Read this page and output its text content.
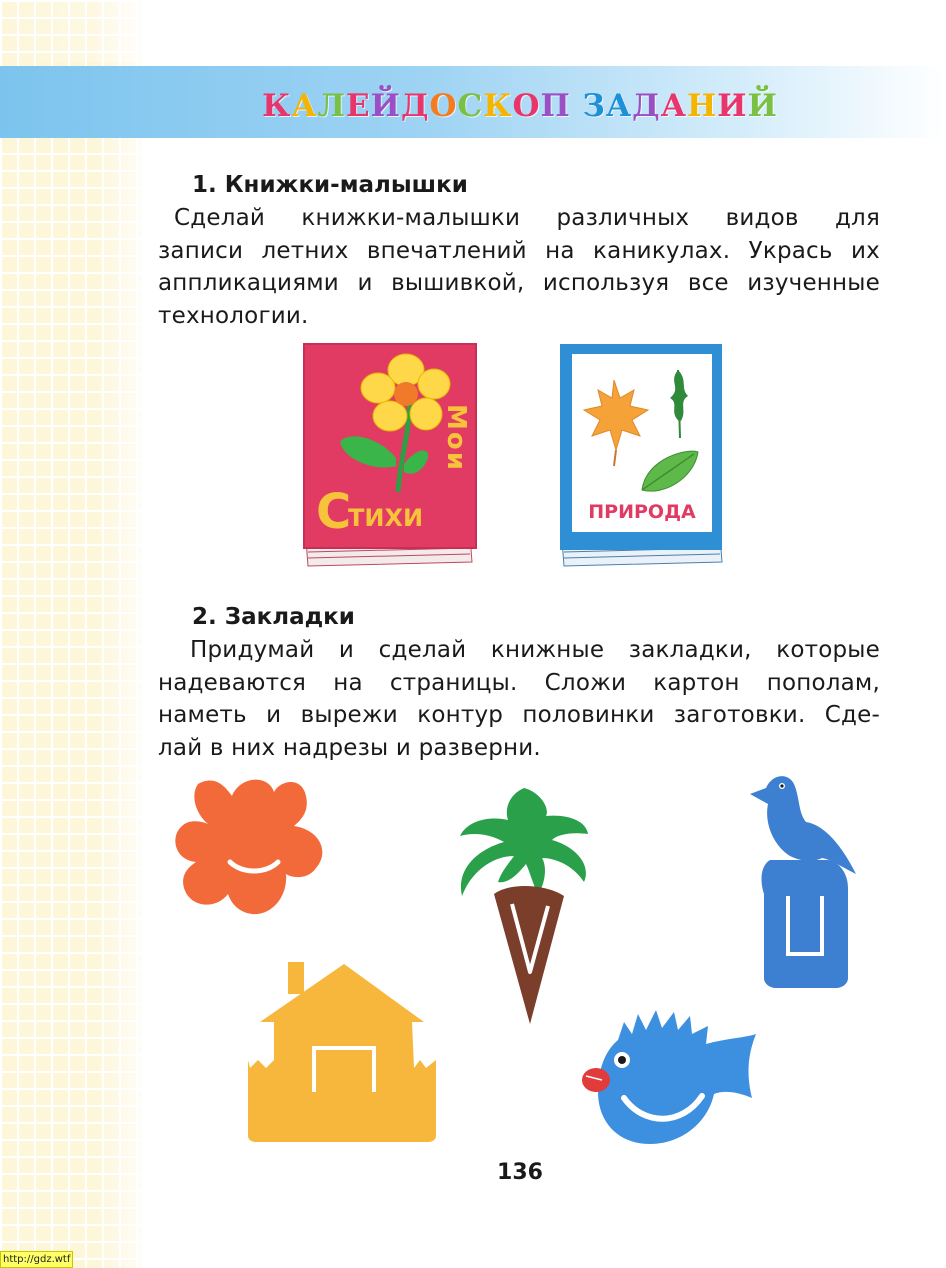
КАЛЕЙДОСКОП ЗАДАНИЙ
1. Книжки-малышки

Сделай книжки-малышки различных видов для
записи летних впечатлений на каникулах. Укрась их
аппликациями и вышивкой, используя все изученные
технологии.

С
ТИХИ
Мои
ПРИРОДА
2. Закладки

Придумай и сделай книжные закладки, которые
надеваются на страницы. Сложи картон пополам,
наметь и вырежи контур половинки заготовки. Сде-
лай в них надрезы и разверни.

136
http://gdz.wtf
